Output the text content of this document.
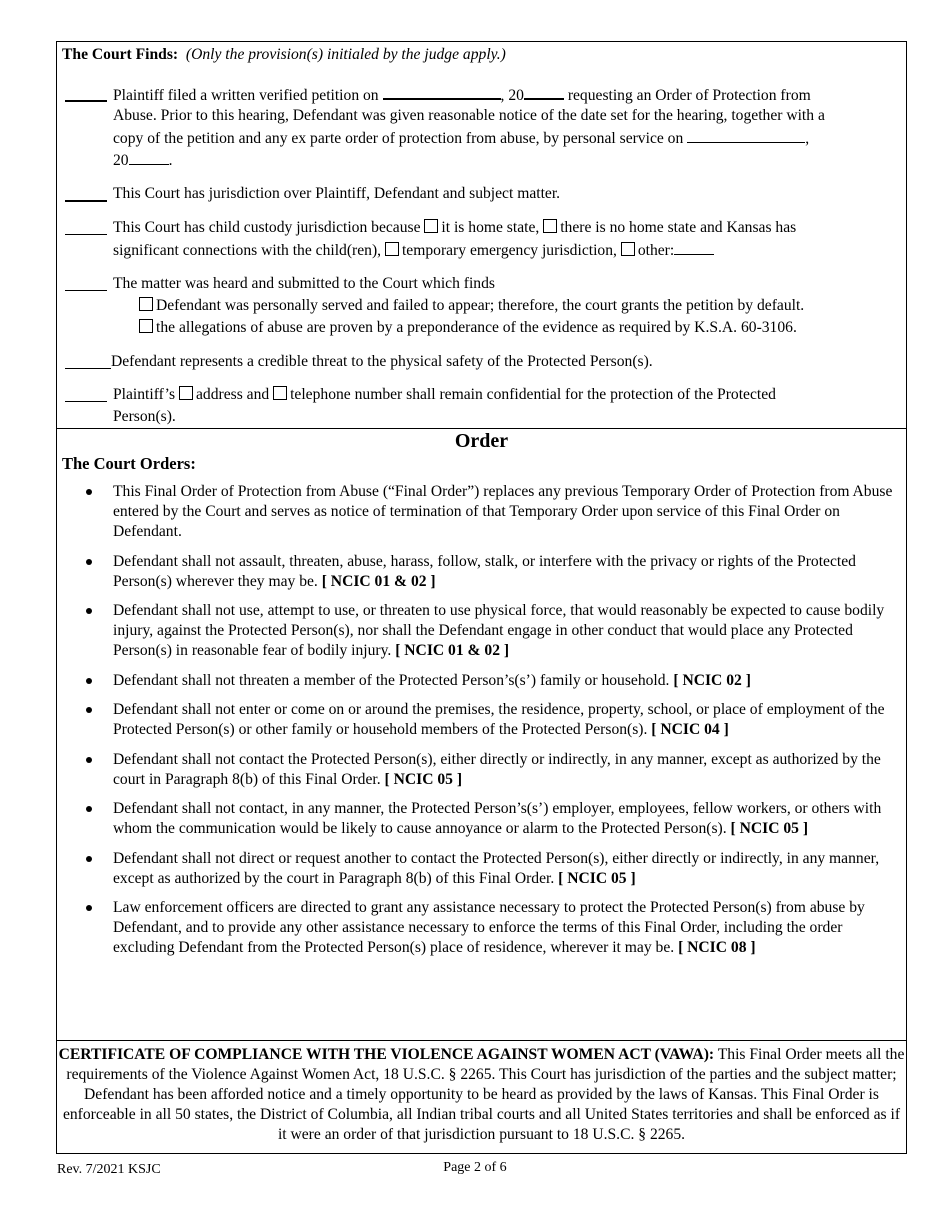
The Court Finds: (Only the provision(s) initialed by the judge apply.)
Plaintiff filed a written verified petition on	, 20	requesting an Order of Protection from
Abuse. Prior to this hearing, Defendant was given reasonable notice of the date set for the hearing, together with a
copy of the petition and any ex parte order of protection from abuse, by personal service on	,
20	.
This Court has jurisdiction over Plaintiff, Defendant and subject matter.
This Court has child custody jurisdiction because it is home state, there is no home state and Kansas has
significant connections with the child(ren), temporary emergency jurisdiction, other:
The matter was heard and submitted to the Court which finds
Defendant was personally served and failed to appear; therefore, the court grants the petition by default.
the allegations of abuse are proven by a preponderance of the evidence as required by K.S.A. 60-3106.
Defendant represents a credible threat to the physical safety of the Protected Person(s).
Plaintiff’s address and telephone number shall remain confidential for the protection of the Protected
Person(s).
Order
The Court Orders:
This Final Order of Protection from Abuse (“Final Order”) replaces any previous Temporary Order of Protection from Abuse entered by the Court and serves as notice of termination of that Temporary Order upon service of this Final Order on Defendant.
Defendant shall not assault, threaten, abuse, harass, follow, stalk, or interfere with the privacy or rights of the Protected Person(s) wherever they may be. [ NCIC 01 & 02 ]
Defendant shall not use, attempt to use, or threaten to use physical force, that would reasonably be expected to cause bodily injury, against the Protected Person(s), nor shall the Defendant engage in other conduct that would place any Protected Person(s) in reasonable fear of bodily injury. [ NCIC 01 & 02 ]
Defendant shall not threaten a member of the Protected Person’s(s’) family or household. [ NCIC 02 ]
Defendant shall not enter or come on or around the premises, the residence, property, school, or place of employment of the Protected Person(s) or other family or household members of the Protected Person(s). [ NCIC 04 ]
Defendant shall not contact the Protected Person(s), either directly or indirectly, in any manner, except as authorized by the court in Paragraph 8(b) of this Final Order. [ NCIC 05 ]
Defendant shall not contact, in any manner, the Protected Person’s(s’) employer, employees, fellow workers, or others with whom the communication would be likely to cause annoyance or alarm to the Protected Person(s). [ NCIC 05 ]
Defendant shall not direct or request another to contact the Protected Person(s), either directly or indirectly, in any manner, except as authorized by the court in Paragraph 8(b) of this Final Order. [ NCIC 05 ]
Law enforcement officers are directed to grant any assistance necessary to protect the Protected Person(s) from abuse by Defendant, and to provide any other assistance necessary to enforce the terms of this Final Order, including the order excluding Defendant from the Protected Person(s) place of residence, wherever it may be. [ NCIC 08 ]
CERTIFICATE OF COMPLIANCE WITH THE VIOLENCE AGAINST WOMEN ACT (VAWA): This Final Order meets all the requirements of the Violence Against Women Act, 18 U.S.C. § 2265. This Court has jurisdiction of the parties and the subject matter; Defendant has been afforded notice and a timely opportunity to be heard as provided by the laws of Kansas. This Final Order is enforceable in all 50 states, the District of Columbia, all Indian tribal courts and all United States territories and shall be enforced as if it were an order of that jurisdiction pursuant to 18 U.S.C. § 2265.
Rev. 7/2021 KSJC	Page 2 of 6
